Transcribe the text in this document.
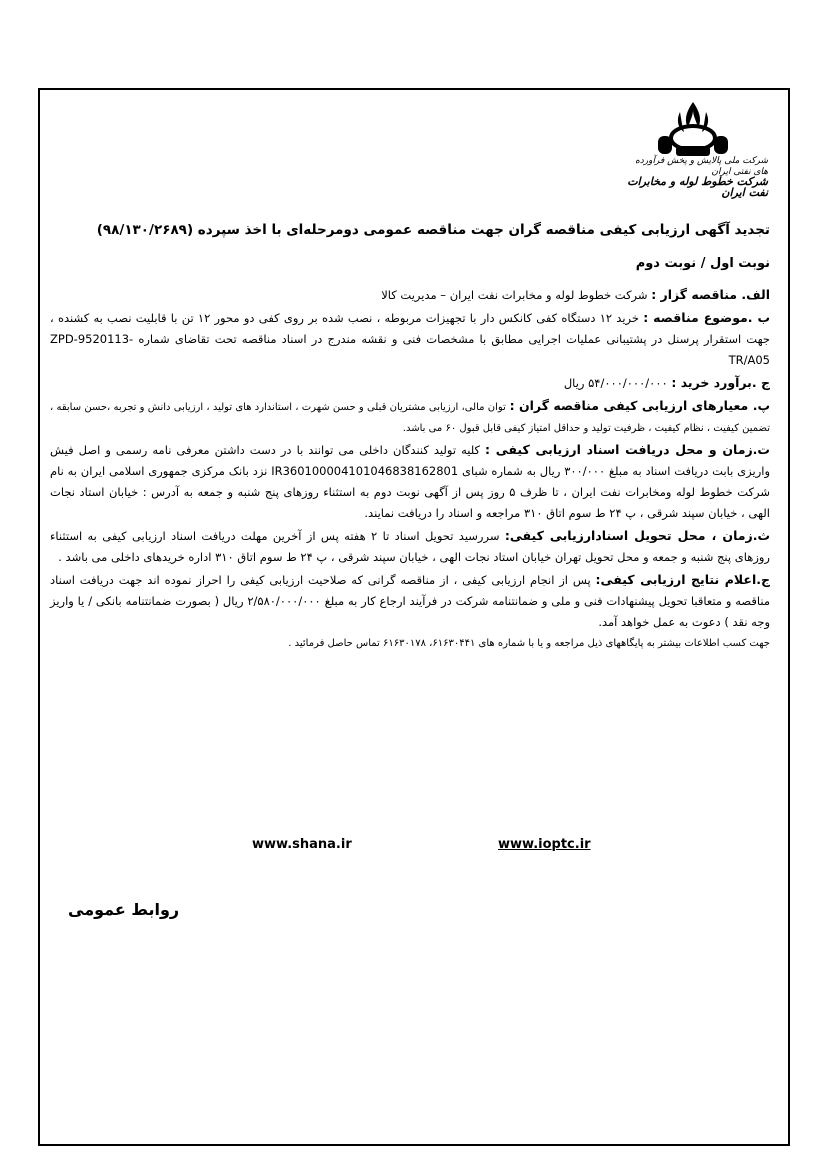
شرکت ملی پالایش و پخش فرآورده های نفتی ایران
شرکت خطوط لوله و مخابرات نفت ایران
تجدید آگهی ارزیابی کیفی مناقصه گران جهت مناقصه عمومی دومرحله‌ای با اخذ سپرده (۹۸/۱۳۰/۲۶۸۹)
نوبت اول / نوبت دوم

الف. مناقصه گزار : شرکت خطوط لوله و مخابرات نفت ایران – مدیریت کالا

ب .موضوع مناقصه : خرید ۱۲ دستگاه کفی کانکس دار با تجهیزات مربوطه ، نصب شده بر روی کفی دو محور ۱۲ تن با قابلیت نصب به کشنده ، جهت استقرار پرسنل در پشتیبانی عملیات اجرایی مطابق با مشخصات فنی و نقشه مندرج در اسناد مناقصه تحت تقاضای شماره ZPD-9520113-TR/A05

ج .برآورد خرید : ۵۴/۰۰۰/۰۰۰/۰۰۰ ریال

پ. معیارهای ارزیابی کیفی مناقصه گران : توان مالی، ارزیابی مشتریان قبلی و حسن شهرت ، استاندارد های تولید ، ارزیابی دانش و تجربه ،حسن سابقه ، تضمین کیفیت ، نظام کیفیت ، ظرفیت تولید و حداقل امتیاز کیفی قابل قبول ۶۰ می باشد.

ت.زمان و محل دریافت اسناد ارزیابی کیفی : کلیه تولید کنندگان داخلی می توانند با در دست داشتن معرفی نامه رسمی و اصل فیش واریزی بابت دریافت اسناد به مبلغ ۳۰۰/۰۰۰ ریال به شماره شبای IR360100004101046838162801 نزد بانک مرکزی جمهوری اسلامی ایران به نام شرکت خطوط لوله ومخابرات نفت ایران ، تا ظرف ۵ روز پس از آگهی نوبت دوم به استثناء روزهای پنج شنبه و جمعه به آدرس : خیابان استاد نجات الهی ، خیابان سپند شرقی ، پ ۲۴ ط سوم اتاق ۳۱۰ مراجعه و اسناد را دریافت نمایند.

ث.زمان ، محل تحویل اسنادارزیابی کیفی: سررسید تحویل اسناد تا ۲ هفته پس از آخرین مهلت دریافت اسناد ارزیابی کیفی به استثناء روزهای پنج شنبه و جمعه و محل تحویل تهران خیابان استاد نجات الهی ، خیابان سپند شرقی ، پ ۲۴ ط سوم اتاق ۳۱۰ اداره خریدهای داخلی می باشد .

ج.اعلام نتایج ارزیابی کیفی: پس از انجام ارزیابی کیفی ، از مناقصه گرانی که صلاحیت ارزیابی کیفی را احراز نموده اند جهت دریافت اسناد مناقصه و متعاقبا تحویل پیشنهادات فنی و ملی و ضمانتنامه شرکت در فرآیند ارجاع کار به مبلغ ۲/۵۸۰/۰۰۰/۰۰۰ ریال ( بصورت ضمانتنامه بانکی / یا واریز وجه نقد ) دعوت به عمل خواهد آمد.

جهت کسب اطلاعات بیشتر به پایگاههای ذیل مراجعه و یا با شماره های ۶۱۶۳۰۴۴۱، ۶۱۶۳۰۱۷۸ تماس حاصل فرمائید .

www.ioptc.ir
www.shana.ir
روابط عمومی
